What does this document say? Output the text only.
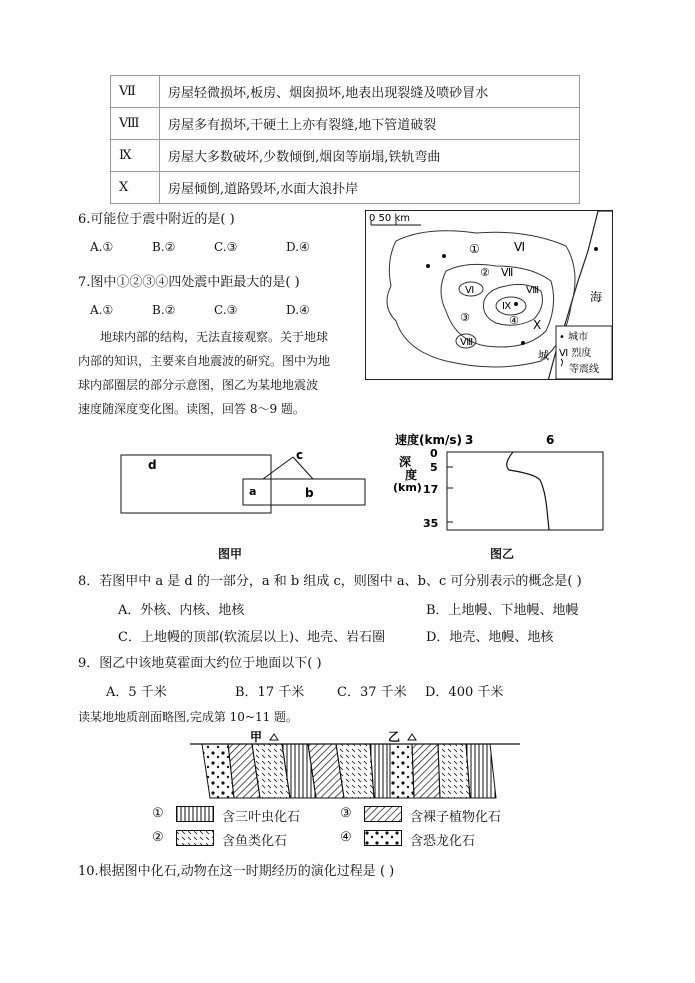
Ⅶ	房屋轻微损坏,板房、烟囱损坏,地表出现裂缝及喷砂冒水
Ⅷ	房屋多有损坏,干硬土上亦有裂缝,地下管道破裂
Ⅸ	房屋大多数破坏,少数倾倒,烟囱等崩塌,铁轨弯曲
Ⅹ	房屋倾倒,道路毁坏,水面大浪扑岸
6.可能位于震中附近的是( )
A.①	B.②	C.③	D.④
7.图中①②③④四处震中距最大的是( )
A.①	B.②	C.③	D.④
地球内部的结构，无法直接观察。关于地球
内部的知识，主要来自地震波的研究。图中为地
球内部圈层的部分示意图，图乙为某地地震波
速度随深度变化图。读图，回答 8～9 题。
0 50 km
①	Ⅵ
② Ⅶ
Ⅵ	Ⅷ
Ⅸ
③
Ⅷ
④ X
海
城
• 城市
Ⅵ 烈度
等震线
d
a	b
c
图甲
速度(km/s) 3	6
0
5
17
35
深
度
(km)
图乙
8．若图甲中 a 是 d 的一部分，a 和 b 组成 c，则图中 a、b、c 可分别表示的概念是( )
A．外核、内核、地核	B．上地幔、下地幔、地幔
C．上地幔的顶部(软流层以上)、地壳、岩石圈	D．地壳、地幔、地核
9．图乙中该地莫霍面大约位于地面以下( )
A．5 千米	B．17 千米	C．37 千米 D．400 千米
读某地地质剖面略图,完成第 10~11 题。
甲	乙
①	含三叶虫化石	③	含裸子植物化石
②	含鱼类化石	④	含恐龙化石
10.根据图中化石,动物在这一时期经历的演化过程是 ( )
